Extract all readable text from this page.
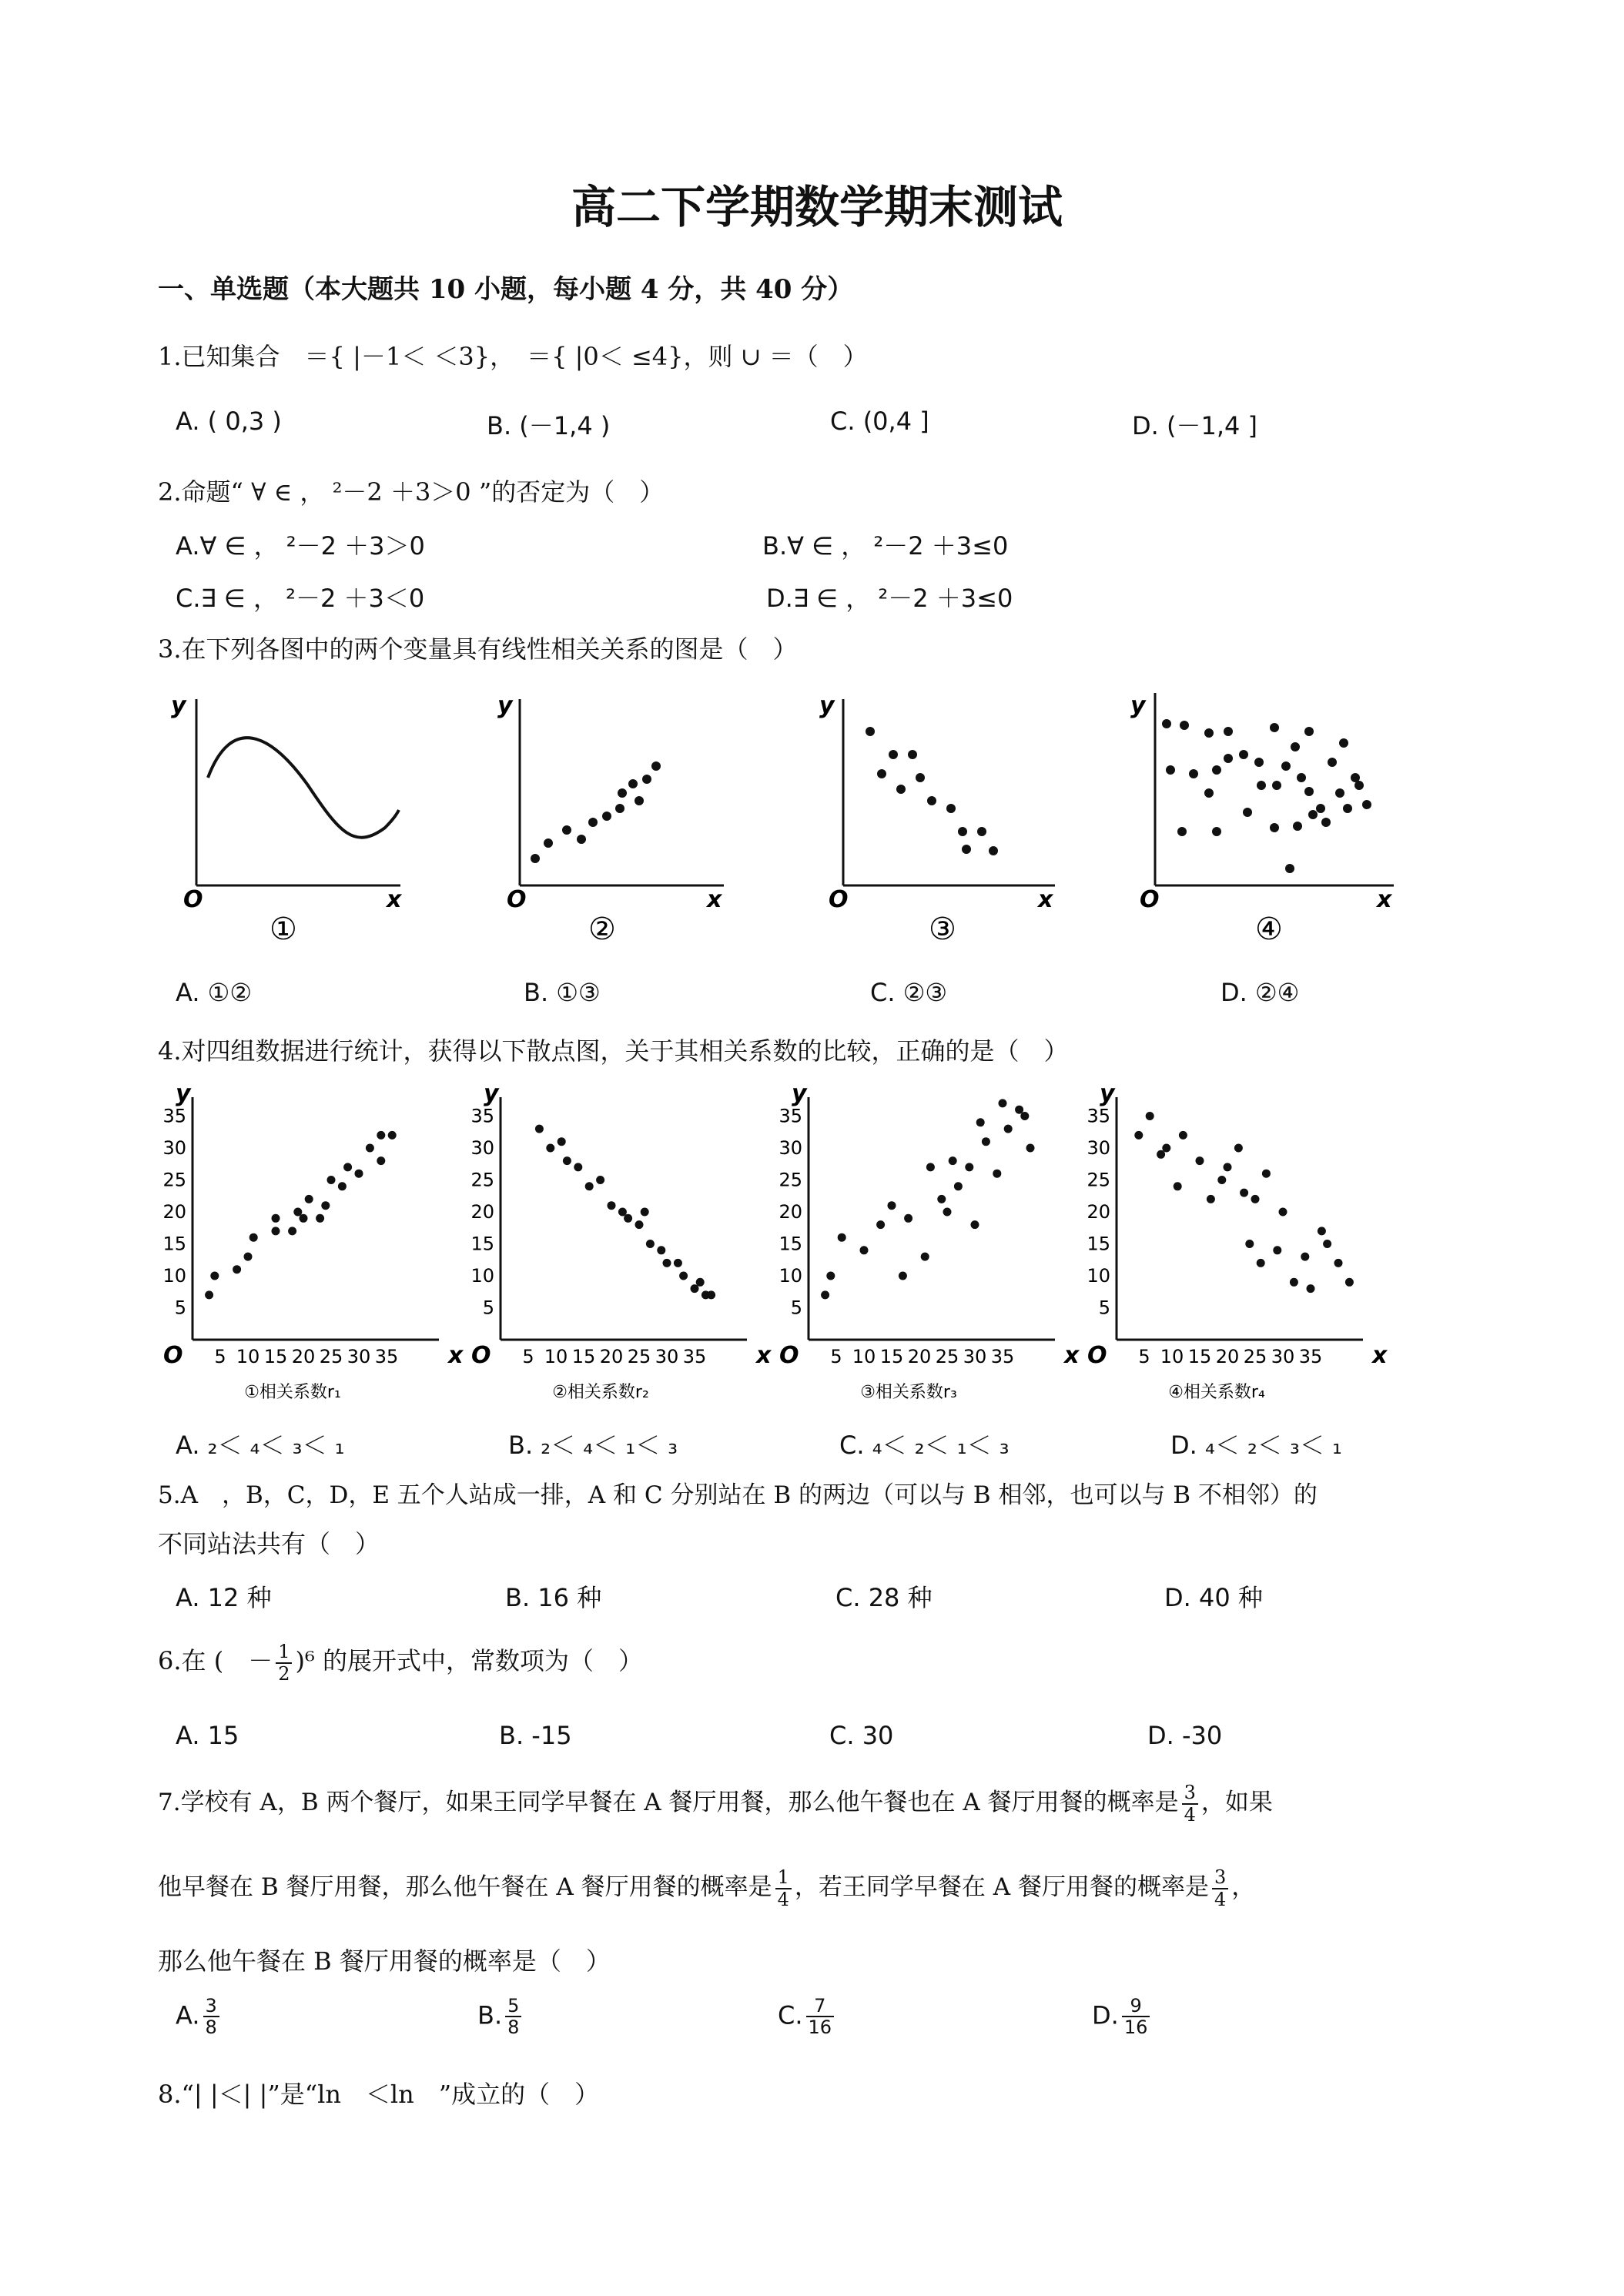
高二下学期数学期末测试
一、单选题（本大题共 10 小题，每小题 4 分，共 40 分）
1.已知集合　＝{ |－1＜ ＜3}，　＝{ |0＜ ≤4}，则 ∪ ＝（　）
A. ( 0,3 )	B. (－1,4 )	C. (0,4 ]	D. (－1,4 ]
2.命题“ ∀ ∈ ， ²－2 ＋3＞0 ”的否定为（　）
A.∀ ∈ ， ²－2 ＋3＞0	B.∀ ∈ ， ²－2 ＋3≤0
C.∃ ∈ ， ²－2 ＋3＜0	D.∃ ∈ ， ²－2 ＋3≤0
3.在下列各图中的两个变量具有线性相关关系的图是（　）
y
O	x
①
y
O	x
②
y
O	x
③
y
O	x
④
A. ①②	B. ①③	C. ②③	D. ②④
4.对四组数据进行统计，获得以下散点图，关于其相关系数的比较，正确的是（　）
y
O	x
5
10
15
20
25
30
35
5 10 15 20 25 30 35
①相关系数r₁
y
O	x
5
10
15
20
25
30
35
5 10 15 20 25 30 35
②相关系数r₂
y
O	x
5
10
15
20
25
30
35
5 10 15 20 25 30 35
③相关系数r₃
y
O	x
5
10
15
20
25
30
35
5 10 15 20 25 30 35
④相关系数r₄
A. ₂＜ ₄＜ ₃＜ ₁	B. ₂＜ ₄＜ ₁＜ ₃	C. ₄＜ ₂＜ ₁＜ ₃	D. ₄＜ ₂＜ ₃＜ ₁
5.A　，B，C，D，E 五个人站成一排，A 和 C 分别站在 B 的两边（可以与 B 相邻，也可以与 B 不相邻）的
不同站法共有（　）
A. 12 种	B. 16 种	C. 28 种	D. 40 种
6.在 (　－ $\frac{1}{2} )^6$ 的展开式中，常数项为（　）
A. 15	B. -15	C. 30	D. -30
7.学校有 A，B 两个餐厅，如果王同学早餐在 A 餐厅用餐，那么他午餐也在 A 餐厅用餐的概率是 $\frac{3}{4}$ ，如果
他早餐在 B 餐厅用餐，那么他午餐在 A 餐厅用餐的概率是 $\frac{1}{4}$ ，若王同学早餐在 A 餐厅用餐的概率是 $\frac{3}{4}$ ，
那么他午餐在 B 餐厅用餐的概率是（　）
A. $\frac{3}{8}$	B. $\frac{5}{8}$	C. $\frac{7}{16}$	D. $\frac{9}{16}$
8.“| |＜| |”是“ln　＜ln　”成立的（　）
